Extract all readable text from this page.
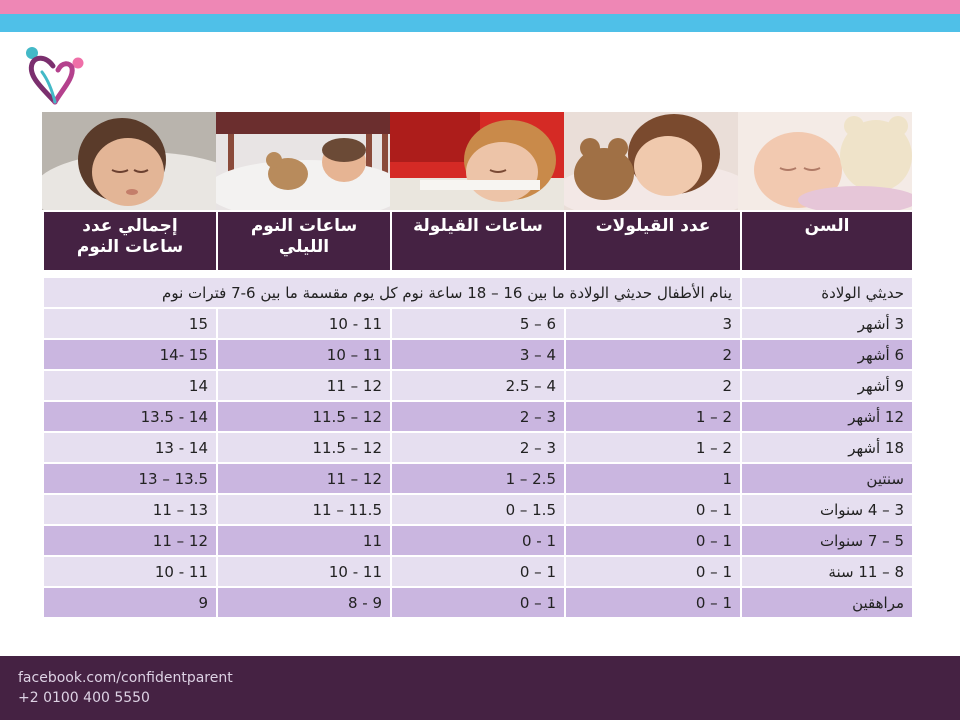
السن	عدد القيلولات	ساعات القيلولة	ساعات النوم الليلي	إجمالي عدد ساعات النوم

حديثي الولادة	ينام الأطفال حديثي الولادة ما بين 16 – 18 ساعة نوم كل يوم مقسمة ما بين 6-7 فترات نوم			
3 أشهر	3	5 – 6	10 - 11	15
6 أشهر	2	3 – 4	10 – 11	14- 15
9 أشهر	2	2.5 – 4	11 – 12	14
12 أشهر	1 – 2	2 – 3	11.5 – 12	13.5 - 14
18 أشهر	1 – 2	2 – 3	11.5 – 12	13 - 14
سنتين	1	1 – 2.5	11 – 12	13 – 13.5
3 – 4 سنوات	0 – 1	0 – 1.5	11 – 11.5	11 – 13
5 – 7 سنوات	0 – 1	0 - 1	11	11 – 12
8 – 11 سنة	0 – 1	0 – 1	10 - 11	10 - 11
مراهقين	0 – 1	0 – 1	8 - 9	9
facebook.com/confidentparent
+2 0100 400 5550
